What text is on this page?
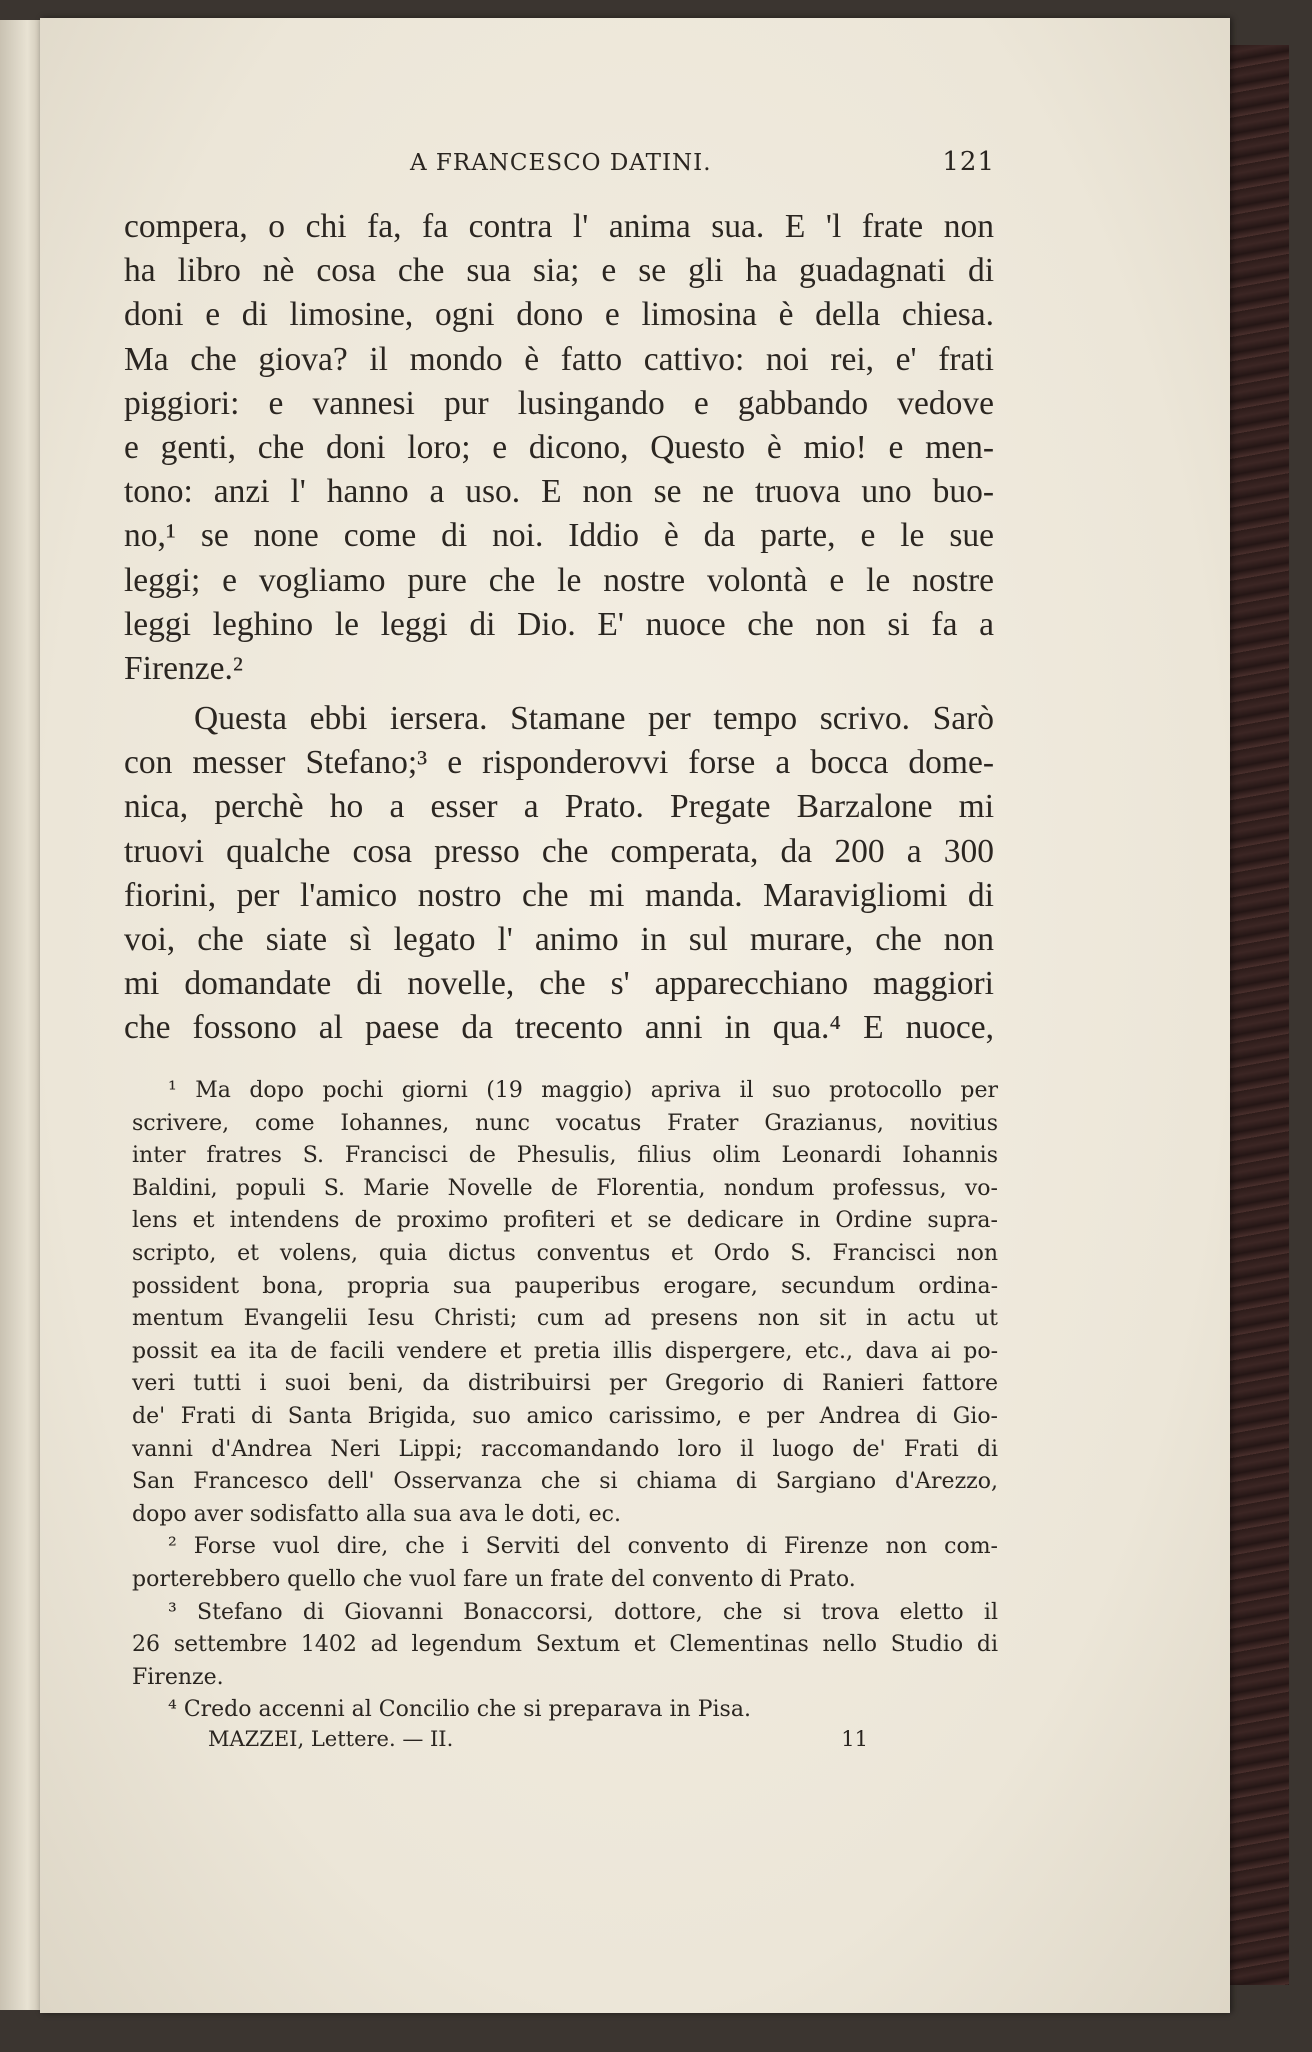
A FRANCESCO DATINI.	121
compera, o chi fa, fa contra l' anima sua. E 'l frate non
ha libro nè cosa che sua sia; e se gli ha guadagnati di
doni e di limosine, ogni dono e limosina è della chiesa.
Ma che giova? il mondo è fatto cattivo: noi rei, e' frati
piggiori: e vannesi pur lusingando e gabbando vedove
e genti, che doni loro; e dicono, Questo è mio! e men-
tono: anzi l' hanno a uso. E non se ne truova uno buo-
no,¹ se none come di noi. Iddio è da parte, e le sue
leggi; e vogliamo pure che le nostre volontà e le nostre
leggi leghino le leggi di Dio. E' nuoce che non si fa a
Firenze.²
Questa ebbi iersera. Stamane per tempo scrivo. Sarò
con messer Stefano;³ e risponderovvi forse a bocca dome-
nica, perchè ho a esser a Prato. Pregate Barzalone mi
truovi qualche cosa presso che comperata, da 200 a 300
fiorini, per l'amico nostro che mi manda. Maravigliomi di
voi, che siate sì legato l' animo in sul murare, che non
mi domandate di novelle, che s' apparecchiano maggiori
che fossono al paese da trecento anni in qua.⁴ E nuoce,
¹ Ma dopo pochi giorni (19 maggio) apriva il suo protocollo per
scrivere, come Iohannes, nunc vocatus Frater Grazianus, novitius
inter fratres S. Francisci de Phesulis, filius olim Leonardi Iohannis
Baldini, populi S. Marie Novelle de Florentia, nondum professus, vo-
lens et intendens de proximo profiteri et se dedicare in Ordine supra-
scripto, et volens, quia dictus conventus et Ordo S. Francisci non
possident bona, propria sua pauperibus erogare, secundum ordina-
mentum Evangelii Iesu Christi; cum ad presens non sit in actu ut
possit ea ita de facili vendere et pretia illis dispergere, etc., dava ai po-
veri tutti i suoi beni, da distribuirsi per Gregorio di Ranieri fattore
de' Frati di Santa Brigida, suo amico carissimo, e per Andrea di Gio-
vanni d'Andrea Neri Lippi; raccomandando loro il luogo de' Frati di
San Francesco dell' Osservanza che si chiama di Sargiano d'Arezzo,
dopo aver sodisfatto alla sua ava le doti, ec.
² Forse vuol dire, che i Serviti del convento di Firenze non com-
porterebbero quello che vuol fare un frate del convento di Prato.
³ Stefano di Giovanni Bonaccorsi, dottore, che si trova eletto il
26 settembre 1402 ad legendum Sextum et Clementinas nello Studio di
Firenze.
⁴ Credo accenni al Concilio che si preparava in Pisa.
MAZZEI, Lettere. — II.	11
